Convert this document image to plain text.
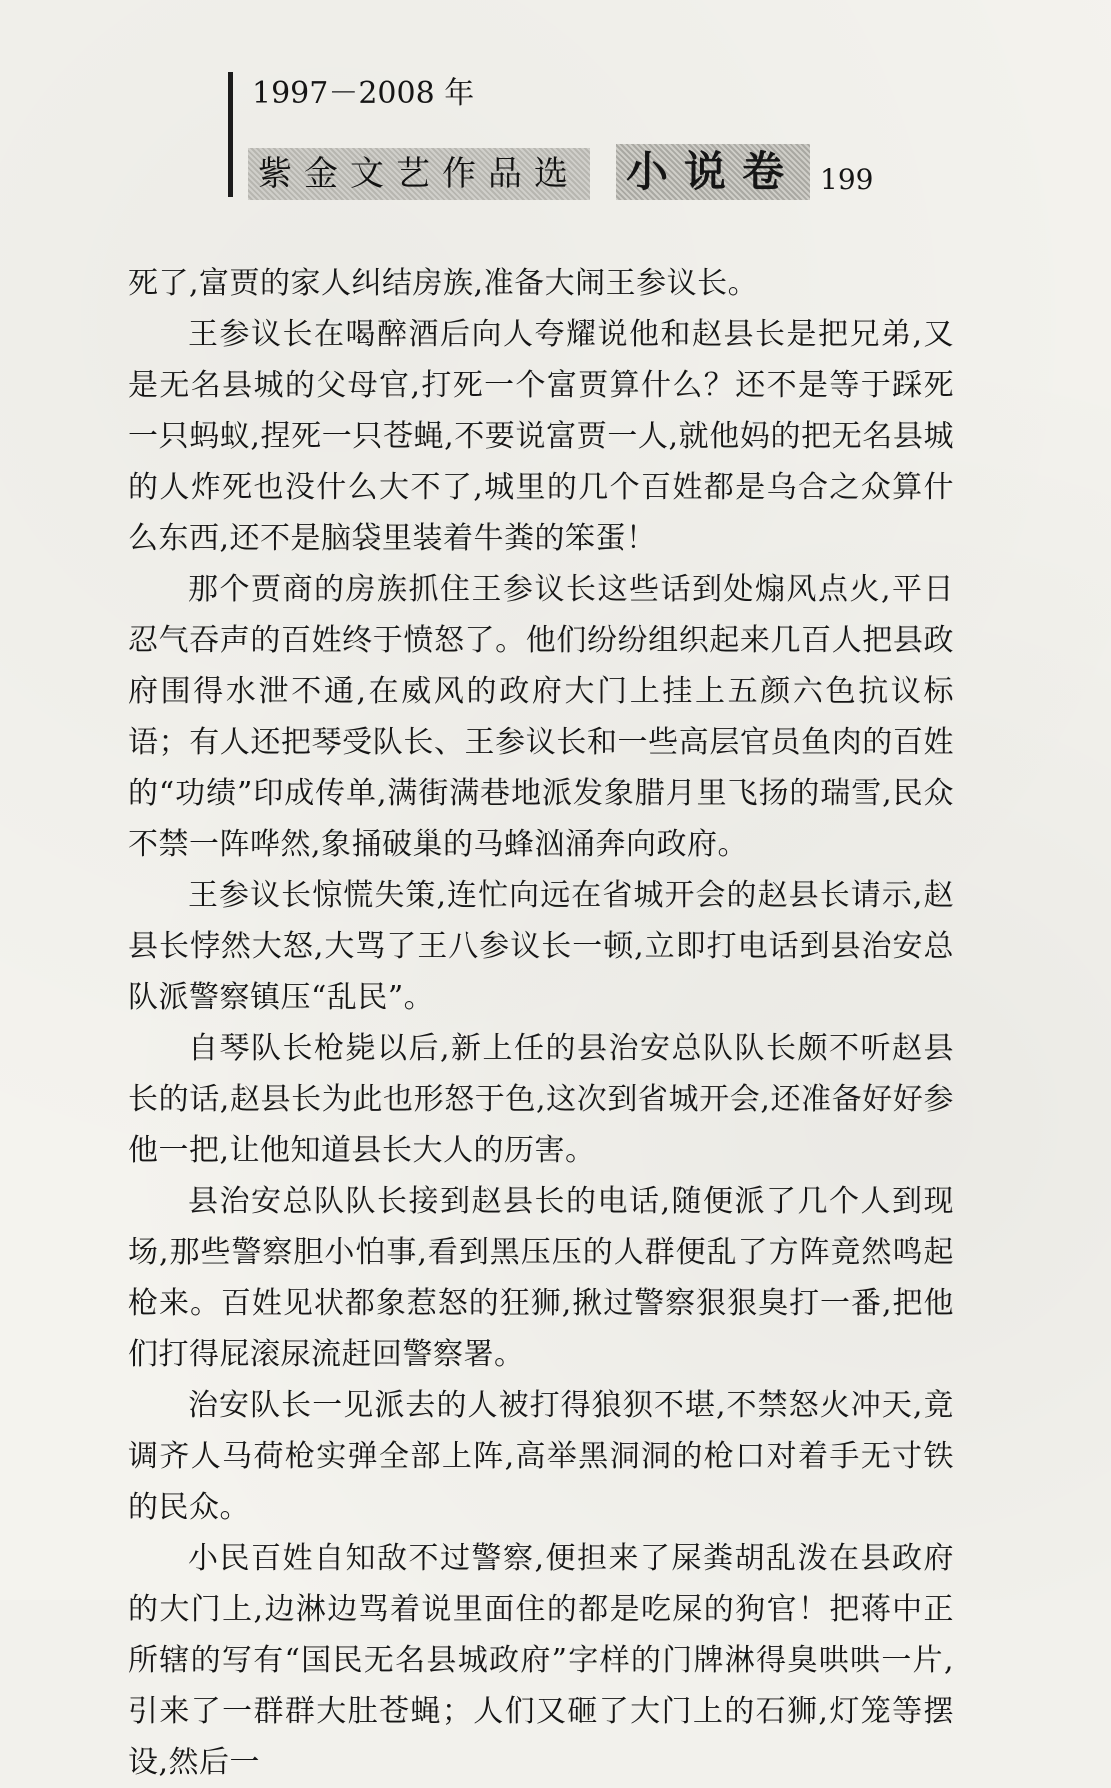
1997－2008 年
紫金文艺作品选 小说卷 199

死了,富贾的家人纠结房族,准备大闹王参议长。

王参议长在喝醉酒后向人夸耀说他和赵县长是把兄弟,又是无名县城的父母官,打死一个富贾算什么？还不是等于踩死一只蚂蚁,捏死一只苍蝇,不要说富贾一人,就他妈的把无名县城的人炸死也没什么大不了,城里的几个百姓都是乌合之众算什么东西,还不是脑袋里装着牛粪的笨蛋！

那个贾商的房族抓住王参议长这些话到处煽风点火,平日忍气吞声的百姓终于愤怒了。他们纷纷组织起来几百人把县政府围得水泄不通,在威风的政府大门上挂上五颜六色抗议标语；有人还把琴受队长、王参议长和一些高层官员鱼肉的百姓的“功绩”印成传单,满街满巷地派发象腊月里飞扬的瑞雪,民众不禁一阵哗然,象捅破巢的马蜂汹涌奔向政府。

王参议长惊慌失策,连忙向远在省城开会的赵县长请示,赵县长悖然大怒,大骂了王八参议长一顿,立即打电话到县治安总队派警察镇压“乱民”。

自琴队长枪毙以后,新上任的县治安总队队长颇不听赵县长的话,赵县长为此也形怒于色,这次到省城开会,还准备好好参他一把,让他知道县长大人的历害。

县治安总队队长接到赵县长的电话,随便派了几个人到现场,那些警察胆小怕事,看到黑压压的人群便乱了方阵竟然鸣起枪来。百姓见状都象惹怒的狂狮,揪过警察狠狠臭打一番,把他们打得屁滚尿流赶回警察署。

治安队长一见派去的人被打得狼狈不堪,不禁怒火冲天,竟调齐人马荷枪实弹全部上阵,高举黑洞洞的枪口对着手无寸铁的民众。

小民百姓自知敌不过警察,便担来了屎粪胡乱泼在县政府的大门上,边淋边骂着说里面住的都是吃屎的狗官！把蒋中正所辖的写有“国民无名县城政府”字样的门牌淋得臭哄哄一片,引来了一群群大肚苍蝇；人们又砸了大门上的石狮,灯笼等摆设,然后一
